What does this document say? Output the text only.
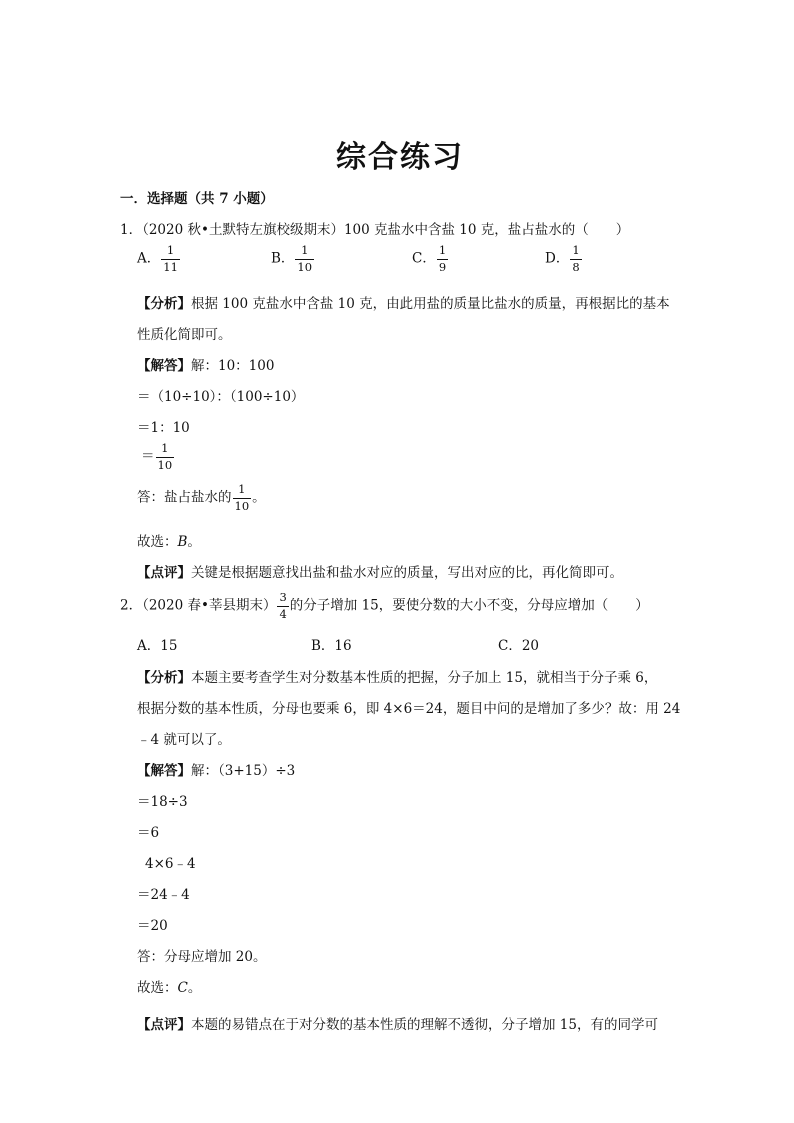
综合练习
一．选择题（共 7 小题）
1．（2020 秋•土默特左旗校级期末）100 克盐水中含盐 10 克，盐占盐水的（　　）
A． $\frac{1}{11}$	B． $\frac{1}{10}$	C． $\frac{1}{9}$	D． $\frac{1}{8}$
【分析】根据 100 克盐水中含盐 10 克，由此用盐的质量比盐水的质量，再根据比的基本
性质化简即可。
【解答】解：10：100
＝（10÷10）：（100÷10）
＝1：10
＝ $\frac{1}{10}$
答：盐占盐水的 $\frac{1}{10}$ 。
故选：B。
【点评】关键是根据题意找出盐和盐水对应的质量，写出对应的比，再化简即可。
2．（2020 春•莘县期末） $\frac{3}{4}$ 的分子增加 15，要使分数的大小不变，分母应增加（　　）
A．15	B．16	C．20
【分析】本题主要考查学生对分数基本性质的把握，分子加上 15，就相当于分子乘 6，
根据分数的基本性质，分母也要乘 6，即 4×6＝24，题目中问的是增加了多少？故：用 24
﹣4 就可以了。
【解答】解：（3+15）÷3
＝18÷3
＝6
4×6﹣4
＝24﹣4
＝20
答：分母应增加 20。
故选：C。
【点评】本题的易错点在于对分数的基本性质的理解不透彻，分子增加 15，有的同学可
